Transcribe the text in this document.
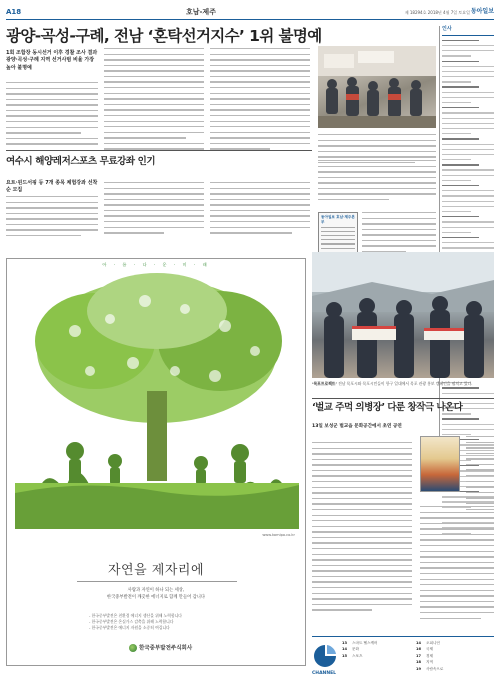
A18	호남-제주	제 18294호 2018년 4월 7일 토요일 동아일보
광양-곡성-구례, 전남 ‘혼탁선거지수’ 1위 불명예
1회 조합장 동시선거 이후 경찰 조사 결과 광양·곡성·구례 지역 선거사범 비율 가장 높아 불명예
인사
여수시 해양레저스포츠 무료강좌 인기
요트·윈드서핑 등 7개 종목 체험강좌 선착순 모집
동아일보 호남·제주본부
아 · 름 · 다 · 운 · 미 · 래
www.komipo.co.kr
자연을 제자리에
사람과 자연이 하나 되는 세상,
한국중부발전이 깨끗한 에너지로 함께 만들어 갑니다
- 한국중부발전은 친환경 에너지 생산을 위해 노력합니다
- 한국중부발전은 온실가스 감축을 위해 노력합니다
- 한국중부발전은 에너지 자원을 소중히 여깁니다
한국중부발전주식회사
‘목포프로젝트’ 전남 목포시와 목포시민들이 항구 일대에서 목포 관광 홍보 캠페인을 펼치고 있다.
‘벌교 주먹 의병장’ 다룬 창작극 나온다
13일 보성군 벌교읍 문화공간에서 초연 공연
CHANNEL
13 스마트 헬스케어
14 문화
15 스포츠
14 오피니언
16 국제
17 경제
18 지역
19 사람속으로
